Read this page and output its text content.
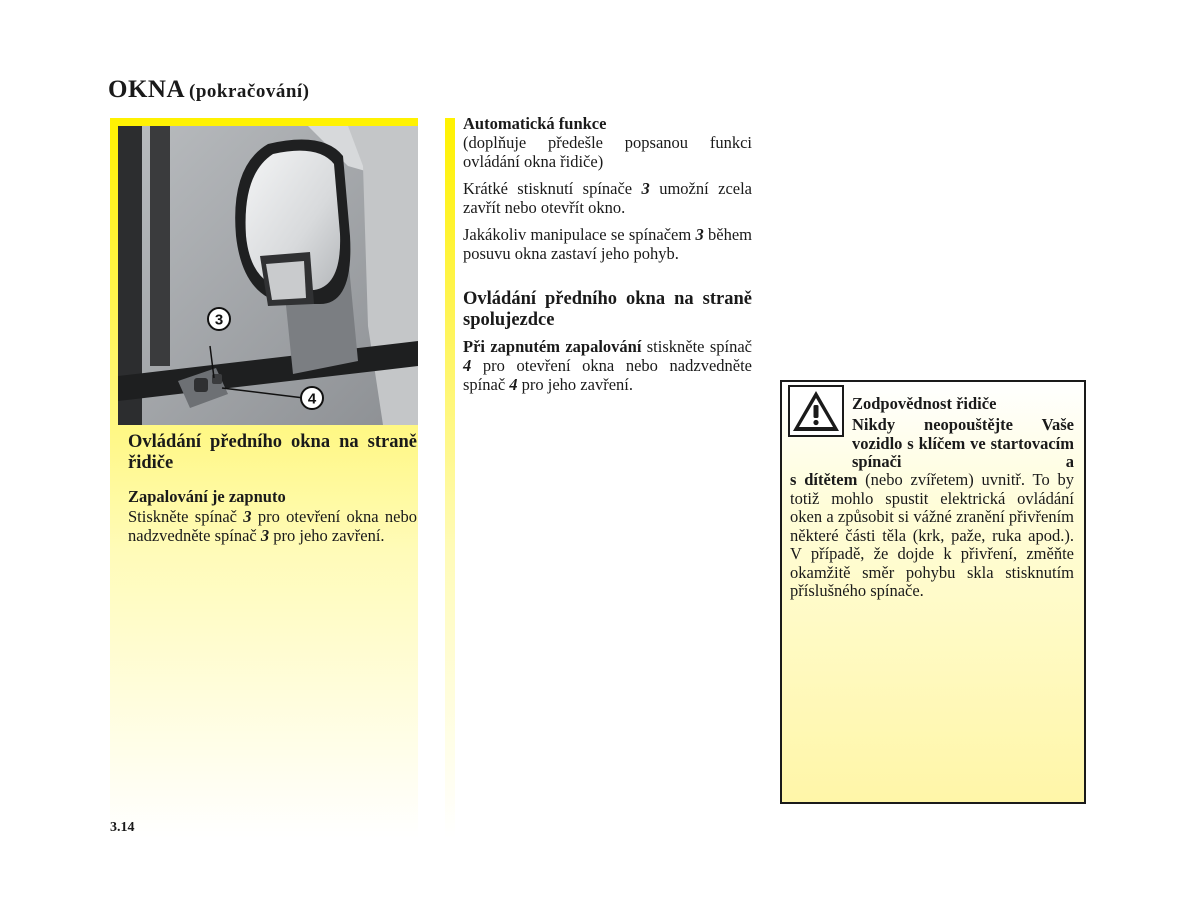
OKNA (pokračování)
3
4

Ovládání předního okna na straně řidiče

Zapalování je zapnuto

Stiskněte spínač 3 pro otevření okna nebo nadzvedněte spínač 3 pro jeho zavření.

Automatická funkce

(doplňuje předešle popsanou funkci ovládání okna řidiče)

Krátké stisknutí spínače 3 umožní zcela zavřít nebo otevřít okno.

Jakákoliv manipulace se spínačem 3 během posuvu okna zastaví jeho pohyb.

Ovládání předního okna na straně spolujezdce

Při zapnutém zapalování stiskněte spínač 4 pro otevření okna nebo nadzvedněte spínač 4 pro jeho zavření.

Zodpovědnost řidiče
Nikdy neopouštějte Vaše vozidlo s klíčem ve startovacím spínači a
s dítětem (nebo zvířetem) uvnitř. To by totiž mohlo spustit elektrická ovládání oken a způsobit si vážné zranění přivřením některé části těla (krk, paže, ruka apod.). V případě, že dojde k přivření, změňte okamžitě směr pohybu skla stisknutím příslušného spínače.
3.14
